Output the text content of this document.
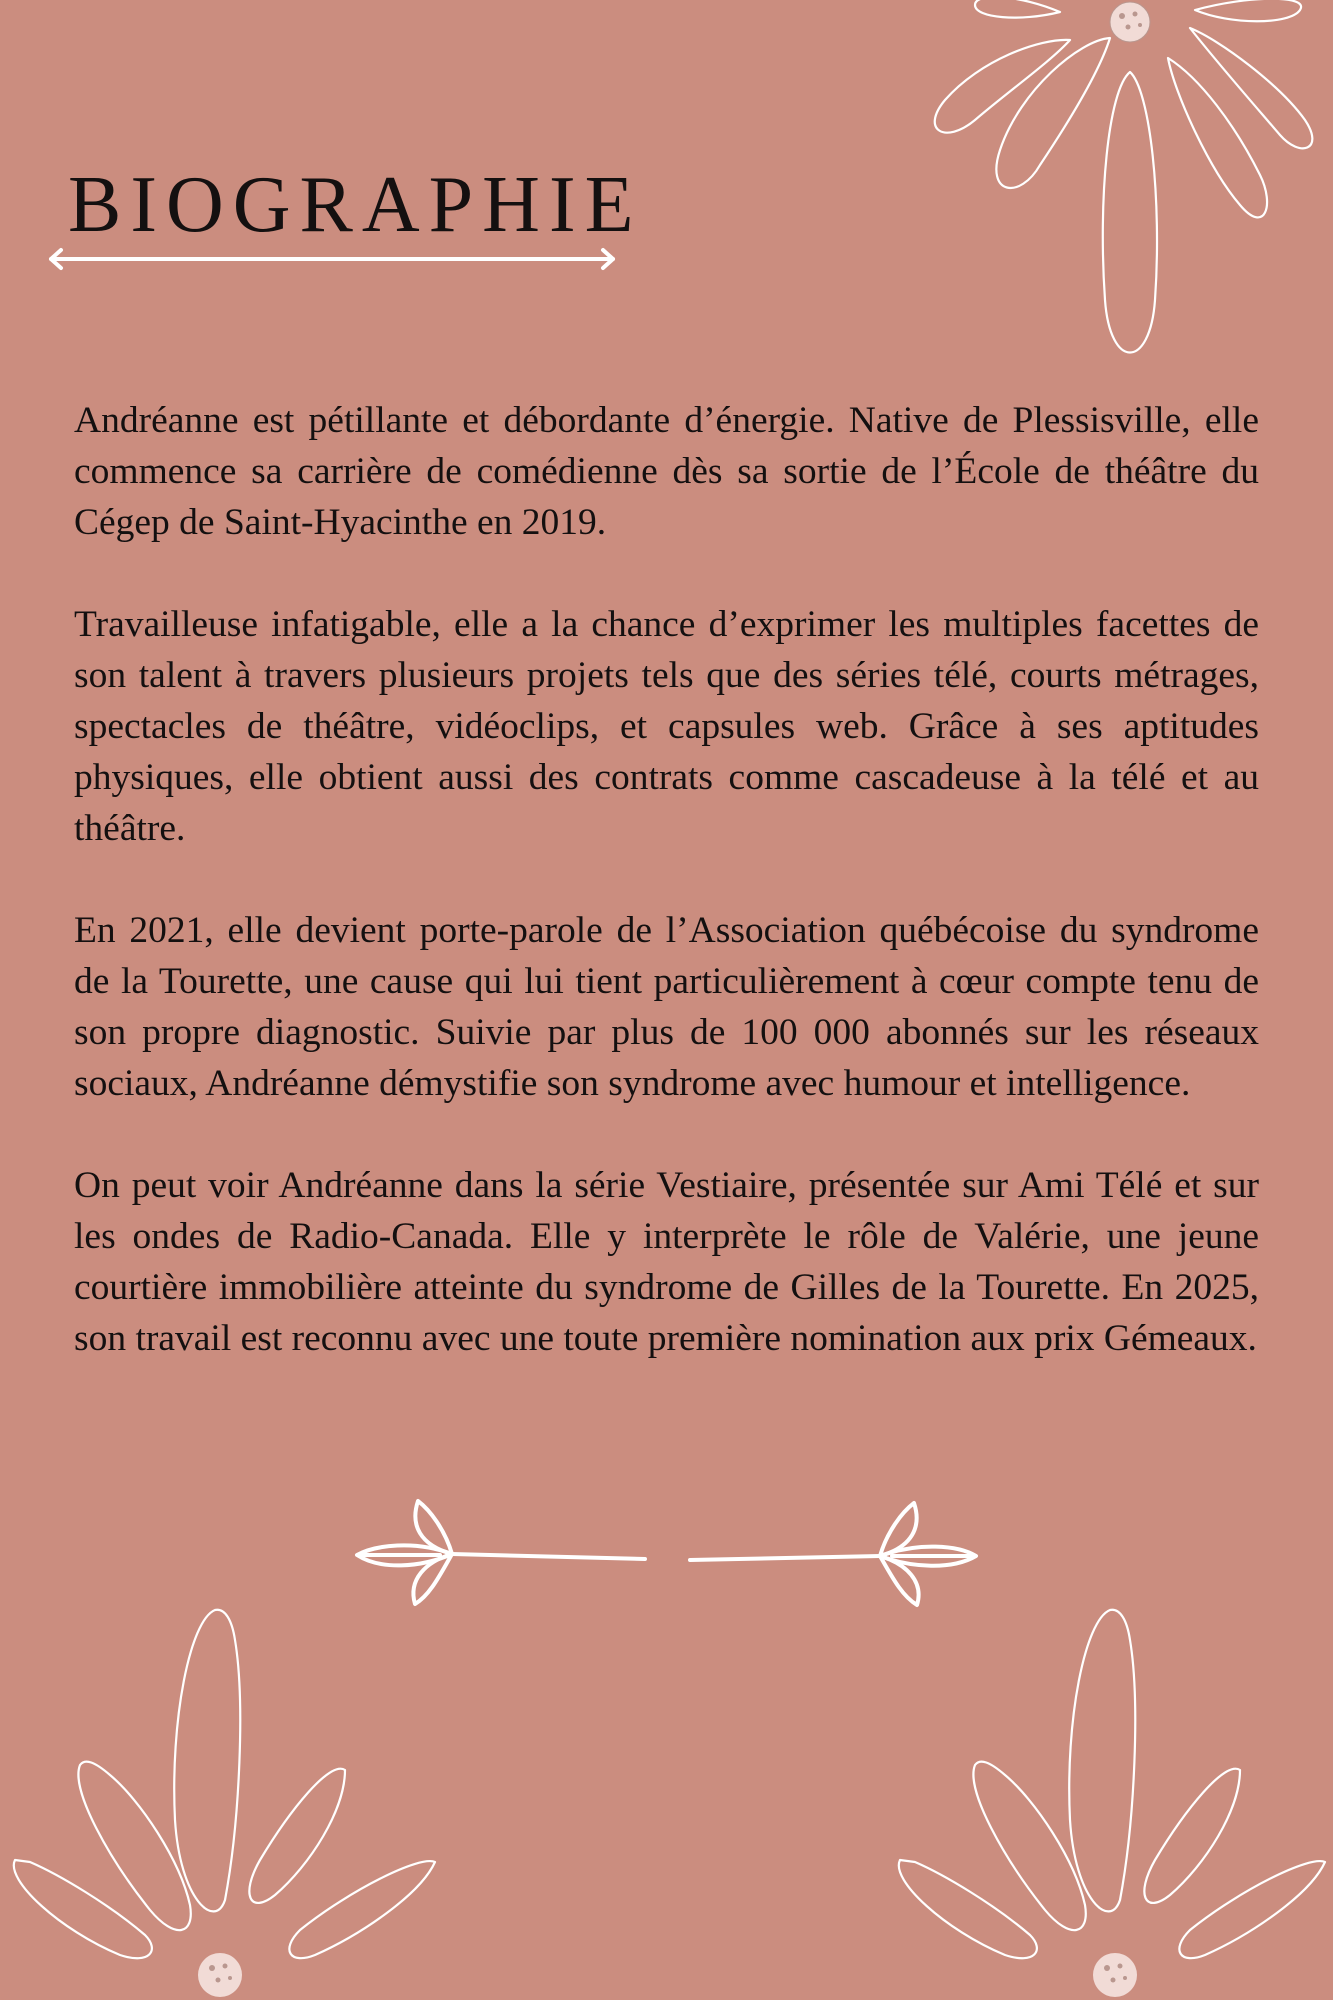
BIOGRAPHIE

Andréanne est pétillante et débordante d’énergie. Native de Plessisville, elle commence sa carrière de comédienne dès sa sortie de l’École de théâtre du Cégep de Saint-Hyacinthe en 2019.

Travailleuse infatigable, elle a la chance d’exprimer les multiples facettes de son talent à travers plusieurs projets tels que des séries télé, courts métrages, spectacles de théâtre, vidéoclips, et capsules web. Grâce à ses aptitudes physiques, elle obtient aussi des contrats comme cascadeuse à la télé et au théâtre.

En 2021, elle devient porte-parole de l’Association québécoise du syndrome de la Tourette, une cause qui lui tient particulièrement à cœur compte tenu de son propre diagnostic. Suivie par plus de 100 000 abonnés sur les réseaux sociaux, Andréanne démystifie son syndrome avec humour et intelligence.

On peut voir Andréanne dans la série Vestiaire, présentée sur Ami Télé et sur les ondes de Radio-Canada. Elle y interprète le rôle de Valérie, une jeune courtière immobilière atteinte du syndrome de Gilles de la Tourette. En 2025, son travail est reconnu avec une toute première nomination aux prix Gémeaux.
